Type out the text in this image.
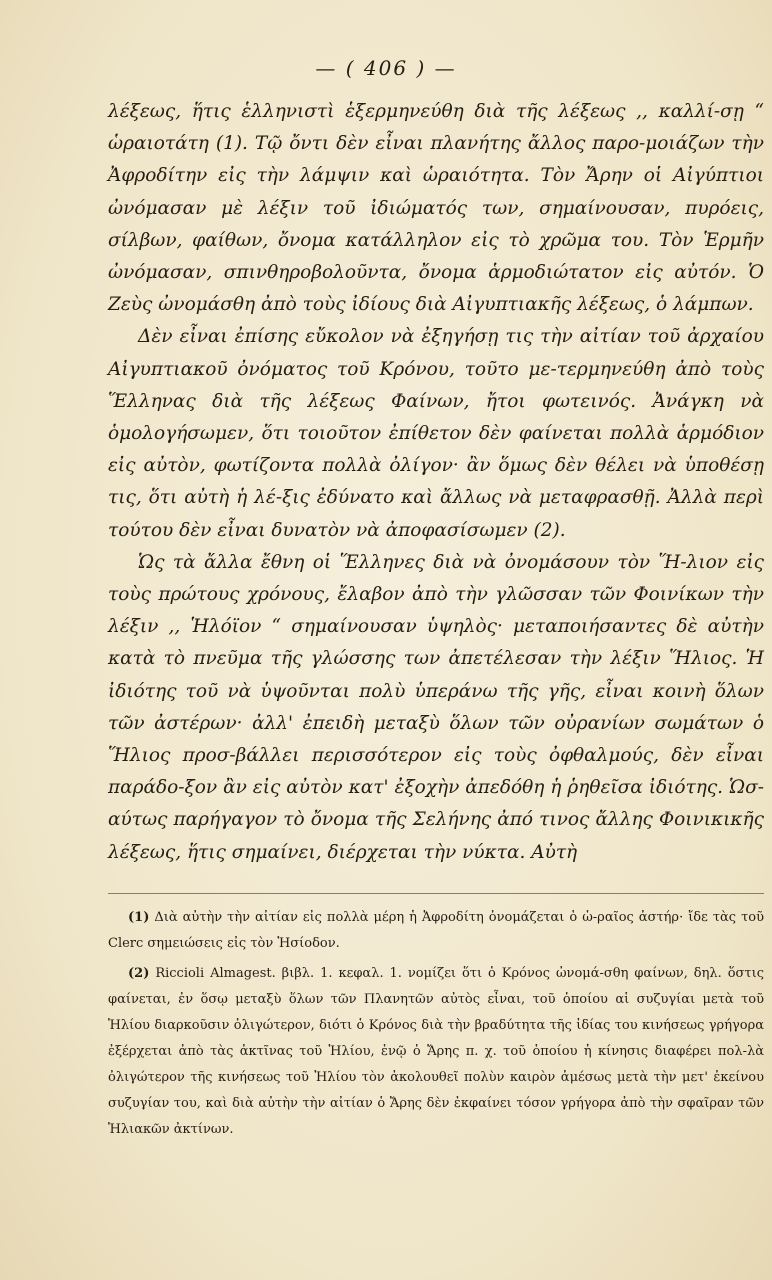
— ( 406 ) —

λέξεως, ἥτις ἑλληνιστὶ ἑξερμηνεύθη διὰ τῆς λέξεως ,, καλλί-σῃ “ ὡραιοτάτη (1). Τῷ ὄντι δὲν εἶναι πλανήτης ἄλλος παρο-μοιάζων τὴν Ἀφροδίτην εἰς τὴν λάμψιν καὶ ὡραιότητα. Τὸν Ἄρην οἱ Αἰγύπτιοι ὠνόμασαν μὲ λέξιν τοῦ ἰδιώματός των, σημαίνουσαν, πυρόεις, σίλβων, φαίθων, ὄνομα κατάλληλον εἰς τὸ χρῶμα του. Τὸν Ἑρμῆν ὠνόμασαν, σπινθηροβολοῦντα, ὄνομα ἁρμοδιώτατον εἰς αὐτόν. Ὁ Ζεὺς ὠνομάσθη ἀπὸ τοὺς ἰδίους διὰ Αἰγυπτιακῆς λέξεως, ὁ λάμπων.

Δὲν εἶναι ἐπίσης εὔκολον νὰ ἐξηγήσῃ τις τὴν αἰτίαν τοῦ ἀρχαίου Αἰγυπτιακοῦ ὀνόματος τοῦ Κρόνου, τοῦτο με-τερμηνεύθη ἀπὸ τοὺς Ἕλληνας διὰ τῆς λέξεως Φαίνων, ἤτοι φωτεινός. Ἀνάγκη νὰ ὁμολογήσωμεν, ὅτι τοιοῦτον ἐπίθετον δὲν φαίνεται πολλὰ ἁρμόδιον εἰς αὐτὸν, φωτίζοντα πολλὰ ὀλίγον· ἂν ὅμως δὲν θέλει νὰ ὑποθέσῃ τις, ὅτι αὐτὴ ἡ λέ-ξις ἐδύνατο καὶ ἄλλως νὰ μεταφρασθῇ. Ἀλλὰ περὶ τούτου δὲν εἶναι δυνατὸν νὰ ἀποφασίσωμεν (2).

Ὡς τὰ ἄλλα ἔθνη οἱ Ἕλληνες διὰ νὰ ὀνομάσουν τὸν Ἥ-λιον εἰς τοὺς πρώτους χρόνους, ἔλαβον ἀπὸ τὴν γλῶσσαν τῶν Φοινίκων τὴν λέξιν ,, Ἡλόϊον “ σημαίνουσαν ὑψηλὸς· μεταποιήσαντες δὲ αὐτὴν κατὰ τὸ πνεῦμα τῆς γλώσσης των ἀπετέλεσαν τὴν λέξιν Ἥλιος. Ἡ ἰδιότης τοῦ νὰ ὑψοῦνται πολὺ ὑπεράνω τῆς γῆς, εἶναι κοινὴ ὅλων τῶν ἀστέρων· ἀλλ' ἐπειδὴ μεταξὺ ὅλων τῶν οὐρανίων σωμάτων ὁ Ἥλιος προσ-βάλλει περισσότερον εἰς τοὺς ὀφθαλμούς, δὲν εἶναι παράδο-ξον ἂν εἰς αὐτὸν κατ' ἐξοχὴν ἀπεδόθη ἡ ῥηθεῖσα ἰδιότης. Ὡσ-αύτως παρήγαγον τὸ ὄνομα τῆς Σελήνης ἀπό τινος ἄλλης Φοινικικῆς λέξεως, ἥτις σημαίνει, διέρχεται τὴν νύκτα. Αὐτὴ

(1) Διὰ αὐτὴν τὴν αἰτίαν εἰς πολλὰ μέρη ἡ Ἀφροδίτη ὀνομάζεται ὁ ὡ-ραῖος ἀστήρ· ἴδε τὰς τοῦ Clerc σημειώσεις εἰς τὸν Ἡσίοδον.

(2) Riccioli Almagest. βιβλ. 1. κεφαλ. 1. νομίζει ὅτι ὁ Κρόνος ὠνομά-σθη φαίνων, δηλ. ὅστις φαίνεται, ἐν ὅσῳ μεταξὺ ὅλων τῶν Πλανητῶν αὐτὸς εἶναι, τοῦ ὁποίου αἱ συζυγίαι μετὰ τοῦ Ἡλίου διαρκοῦσιν ὀλιγώτερον, διότι ὁ Κρόνος διὰ τὴν βραδύτητα τῆς ἰδίας του κινήσεως γρήγορα ἐξέρχεται ἀπὸ τὰς ἀκτῖνας τοῦ Ἡλίου, ἐνῷ ὁ Ἄρης π. χ. τοῦ ὁποίου ἡ κίνησις διαφέρει πολ-λὰ ὀλιγώτερον τῆς κινήσεως τοῦ Ἡλίου τὸν ἀκολουθεῖ πολὺν καιρὸν ἀμέσως μετὰ τὴν μετ' ἐκείνου συζυγίαν του, καὶ διὰ αὐτὴν τὴν αἰτίαν ὁ Ἄρης δὲν ἐκφαίνει τόσον γρήγορα ἀπὸ τὴν σφαῖραν τῶν Ἡλιακῶν ἀκτίνων.
